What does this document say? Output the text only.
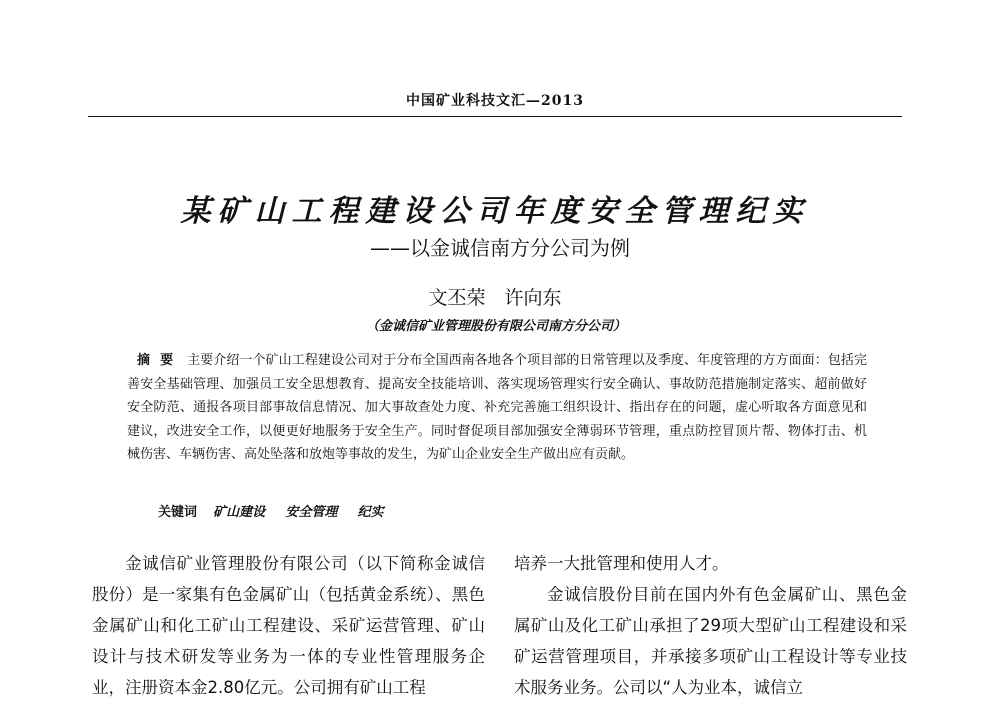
中国矿业科技文汇—2013
某矿山工程建设公司年度安全管理纪实
——以金诚信南方分公司为例
文丕荣　许向东
（金诚信矿业管理股份有限公司南方分公司）
摘要 主要介绍一个矿山工程建设公司对于分布全国西南各地各个项目部的日常管理以及季度、年度管理的方方面面：包括完善安全基础管理、加强员工安全思想教育、提高安全技能培训、落实现场管理实行安全确认、事故防范措施制定落实、超前做好安全防范、通报各项目部事故信息情况、加大事故查处力度、补充完善施工组织设计、指出存在的问题，虚心听取各方面意见和建议，改进安全工作，以便更好地服务于安全生产。同时督促项目部加强安全薄弱环节管理，重点防控冒顶片帮、物体打击、机械伤害、车辆伤害、高处坠落和放炮等事故的发生，为矿山企业安全生产做出应有贡献。
关键词 矿山建设 安全管理 纪实

金诚信矿业管理股份有限公司（以下简称金诚信股份）是一家集有色金属矿山（包括黄金系统）、黑色金属矿山和化工矿山工程建设、采矿运营管理、矿山设计与技术研发等业务为一体的专业性管理服务企业，注册资本金2.80亿元。公司拥有矿山工程

培养一大批管理和使用人才。

金诚信股份目前在国内外有色金属矿山、黑色金属矿山及化工矿山承担了29项大型矿山工程建设和采矿运营管理项目，并承接多项矿山工程设计等专业技术服务业务。公司以“人为业本，诚信立
